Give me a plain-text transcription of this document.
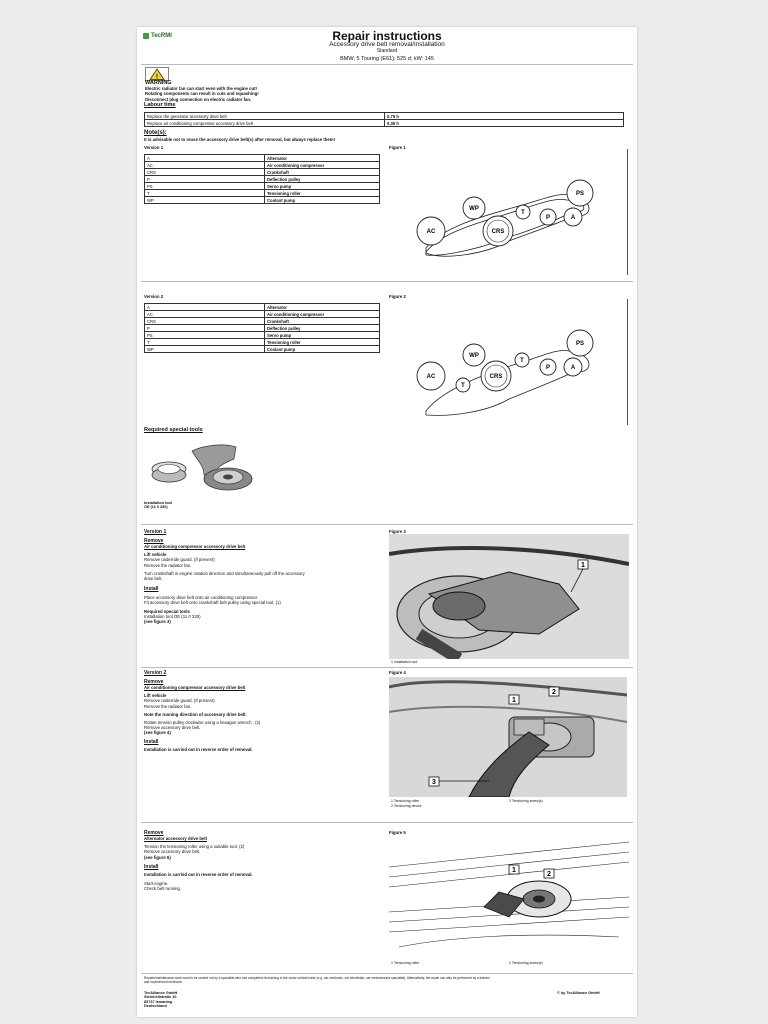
TecRMI	Repair instructions
Accessory drive belt removal/installation
Standard
BMW; 5 Touring (E61); 525 d; kW: 145
!
WARNING
Electric radiator fan can start even with the engine cut!
Rotating components can result in cuts and squashing!
Disconnect plug connection on electric radiator fan.
Labour time
Replace the generator accessory drive belt	0,75 h
Replace air conditioning compressor accessory drive belt	0,35 h
Note(s):
It is advisable not to reuse the accessory drive belt(s) after removal, but always replace them!
Version 1	Figure 1
A	Alternator
AC	Air conditioning compressor
CRS	Crankshaft
P	Deflection pulley
PS	Servo pump
T	Tensioning roller
WP	Coolant pump
PS
WP
T
P	A
AC	CRS
Version 2	Figure 2
A	Alternator
AC	Air conditioning compressor
CRS	Crankshaft
P	Deflection pulley
PS	Servo pump
T	Tensioning roller
WP	Coolant pump
PS
WP
T
P	A
AC
T
CRS
Required special tools
Installation tool
OE (11 0 330)
Version 1
Remove
Air conditioning compressor accessory drive belt
Lift vehicle
Remove underride guard. (If present)
Remove the radiator fan.
Turn crankshaft in engine rotation direction and simultaneously pull off the accessory
drive belt.
Install
Place accessory drive belt onto air conditioning compressor.
Fit accessory drive belt onto crankshaft belt pulley using special tool. (1)
Required special tools
Installation tool OE (11 0 330)
(see figure 3)
Figure 3
1
1 Installation tool
Version 2
Remove
Air conditioning compressor accessory drive belt
Lift vehicle
Remove underride guard. (If present)
Remove the radiator fan.
Note the running direction of accessory drive belt.
Rotate tension pulley clockwise using a hexagon wrench . (2)
Remove accessory drive belt.
(see figure 4)
Install
Installation is carried out in reverse order of removal.
Figure 4
1
2
3
1 Tensioning roller
2 Tensioning device
3 Tensioning screw(s)
Remove
Alternator accessory drive belt
Tension the tensioning roller using a suitable tool. (2)
Remove accessory drive belt.
(see figure 5)
Install
Installation is carried out in reverse order of removal.
Start engine.
Check belt running.
Figure 5
1
2
1 Tensioning roller	2 Tensioning screw(s)
Repairs/maintenance work must to be carried out by a specialist who has completed his training in the motor vehicle trade (e.g. car mechanic, car electrician, car mechatronics specialist). Alternatively, the repair can also be performed by a trained
and experienced mechanic.
TecAlliance GmbH
Steinheilstraße 10
85737 Ismaning
Deutschland
© by TecAlliance GmbH
